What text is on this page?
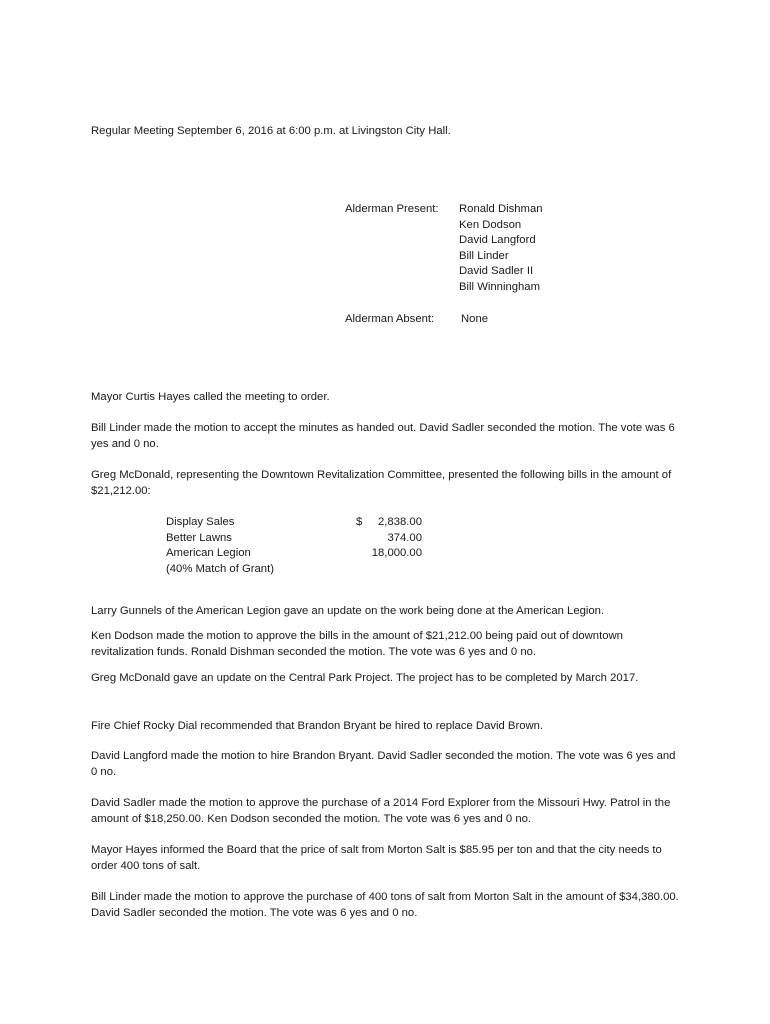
Regular Meeting September 6, 2016 at 6:00 p.m. at Livingston City Hall.
Alderman Present: Ronald Dishman
Ken Dodson
David Langford
Bill Linder
David Sadler II
Bill Winningham
Alderman Absent: None
Mayor Curtis Hayes called the meeting to order.
Bill Linder made the motion to accept the minutes as handed out. David Sadler seconded the motion. The vote was 6 yes and 0 no.
Greg McDonald, representing the Downtown Revitalization Committee, presented the following bills in the amount of $21,212.00:
Display Sales	$ 2,838.00
Better Lawns	374.00
American Legion	18,000.00
(40% Match of Grant)
Larry Gunnels of the American Legion gave an update on the work being done at the American Legion.
Ken Dodson made the motion to approve the bills in the amount of $21,212.00 being paid out of downtown revitalization funds. Ronald Dishman seconded the motion. The vote was 6 yes and 0 no.
Greg McDonald gave an update on the Central Park Project. The project has to be completed by March 2017.
Fire Chief Rocky Dial recommended that Brandon Bryant be hired to replace David Brown.
David Langford made the motion to hire Brandon Bryant. David Sadler seconded the motion. The vote was 6 yes and 0 no.
David Sadler made the motion to approve the purchase of a 2014 Ford Explorer from the Missouri Hwy. Patrol in the amount of $18,250.00. Ken Dodson seconded the motion. The vote was 6 yes and 0 no.
Mayor Hayes informed the Board that the price of salt from Morton Salt is $85.95 per ton and that the city needs to order 400 tons of salt.
Bill Linder made the motion to approve the purchase of 400 tons of salt from Morton Salt in the amount of $34,380.00. David Sadler seconded the motion. The vote was 6 yes and 0 no.
